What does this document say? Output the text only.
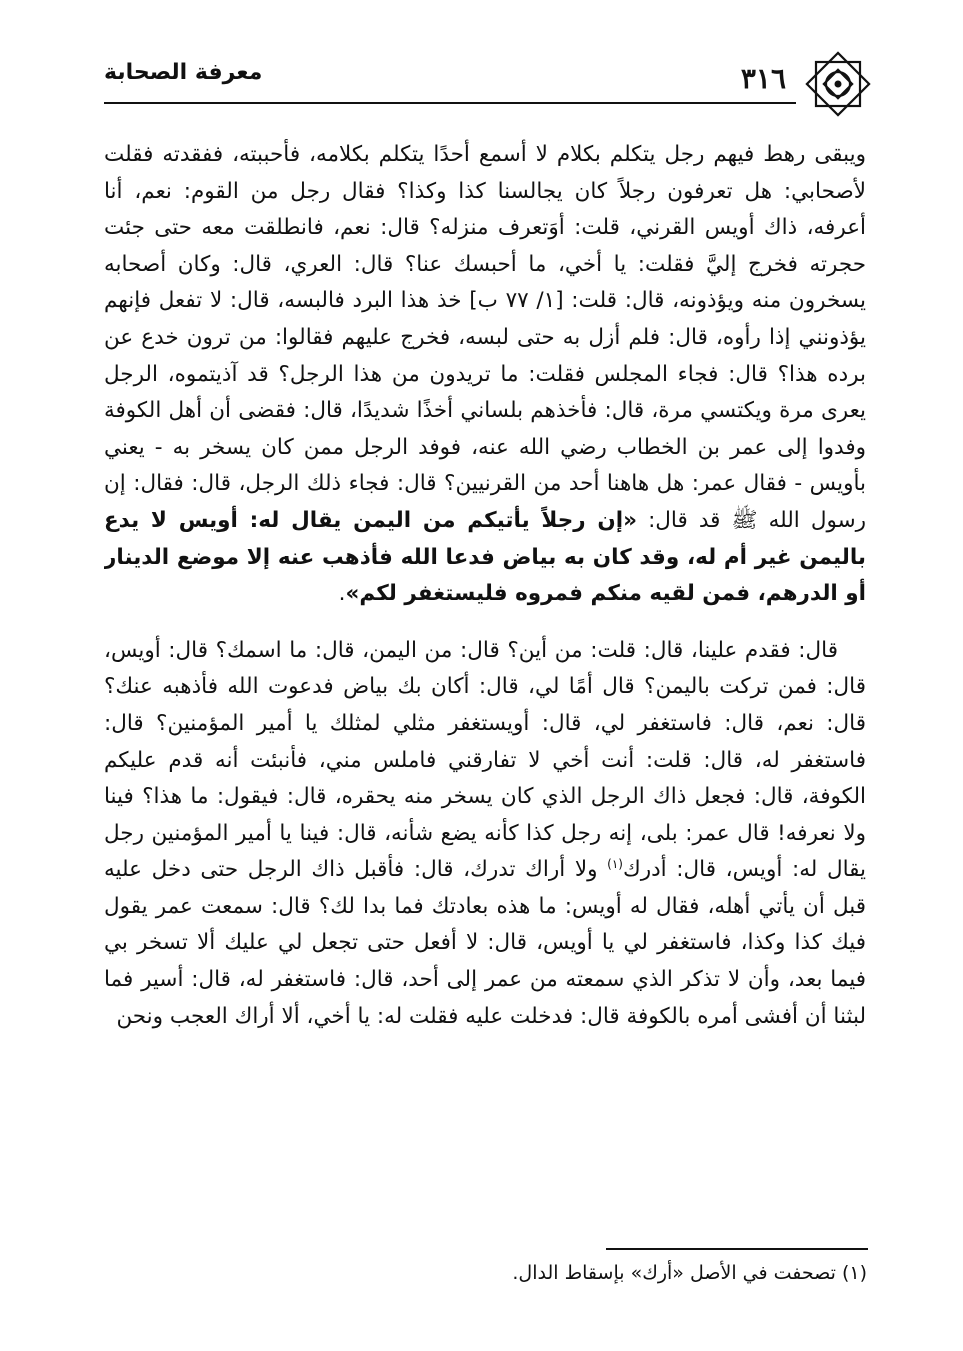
٣١٦
معرفة الصحابة

ويبقى رهط فيهم رجل يتكلم بكلام لا أسمع أحدًا يتكلم بكلامه، فأحببته، ففقدته فقلت لأصحابي: هل تعرفون رجلاً كان يجالسنا كذا وكذا؟ فقال رجل من القوم: نعم، أنا أعرفه، ذاك أويس القرني، قلت: أوَتعرف منزله؟ قال: نعم، فانطلقت معه حتى جئت حجرته فخرج إليَّ فقلت: يا أخي، ما أحبسك عنا؟ قال: العري، قال: وكان أصحابه يسخرون منه ويؤذونه، قال: قلت: [١/ ٧٧ ب] خذ هذا البرد فالبسه، قال: لا تفعل فإنهم يؤذونني إذا رأوه، قال: فلم أزل به حتى لبسه، فخرج عليهم فقالوا: من ترون خدع عن برده هذا؟ قال: فجاء المجلس فقلت: ما تريدون من هذا الرجل؟ قد آذيتموه، الرجل يعرى مرة ويكتسي مرة، قال: فأخذهم بلساني أخذًا شديدًا، قال: فقضى أن أهل الكوفة وفدوا إلى عمر بن الخطاب رضي الله عنه، فوفد الرجل ممن كان يسخر به - يعني بأويس - فقال عمر: هل هاهنا أحد من القرنيين؟ قال: فجاء ذلك الرجل، قال: فقال: إن رسول الله ﷺ قد قال: «إن رجلاً يأتيكم من اليمن يقال له: أويس لا يدع باليمن غير أم له، وقد كان به بياض فدعا الله فأذهب عنه إلا موضع الدينار أو الدرهم، فمن لقيه منكم فمروه فليستغفر لكم».

قال: فقدم علينا، قال: قلت: من أين؟ قال: من اليمن، قال: ما اسمك؟ قال: أويس، قال: فمن تركت باليمن؟ قال أمًا لي، قال: أكان بك بياض فدعوت الله فأذهبه عنك؟ قال: نعم، قال: فاستغفر لي، قال: أويستغفر مثلي لمثلك يا أمير المؤمنين؟ قال: فاستغفر له، قال: قلت: أنت أخي لا تفارقني فاملس مني، فأنبئت أنه قدم عليكم الكوفة، قال: فجعل ذاك الرجل الذي كان يسخر منه يحقره، قال: فيقول: ما هذا؟ فينا ولا نعرفه! قال عمر: بلى، إنه رجل كذا كأنه يضع شأنه، قال: فينا يا أمير المؤمنين رجل يقال له: أويس، قال: أدرك$^{(١)}$ ولا أراك تدرك، قال: فأقبل ذاك الرجل حتى دخل عليه قبل أن يأتي أهله، فقال له أويس: ما هذه بعادتك فما بدا لك؟ قال: سمعت عمر يقول فيك كذا وكذا، فاستغفر لي يا أويس، قال: لا أفعل حتى تجعل لي عليك ألا تسخر بي فيما بعد، وأن لا تذكر الذي سمعته من عمر إلى أحد، قال: فاستغفر له، قال: أسير فما لبثنا أن أفشى أمره بالكوفة قال: فدخلت عليه فقلت له: يا أخي، ألا أراك العجب ونحن

(١) تصحفت في الأصل «أرك» بإسقاط الدال.
